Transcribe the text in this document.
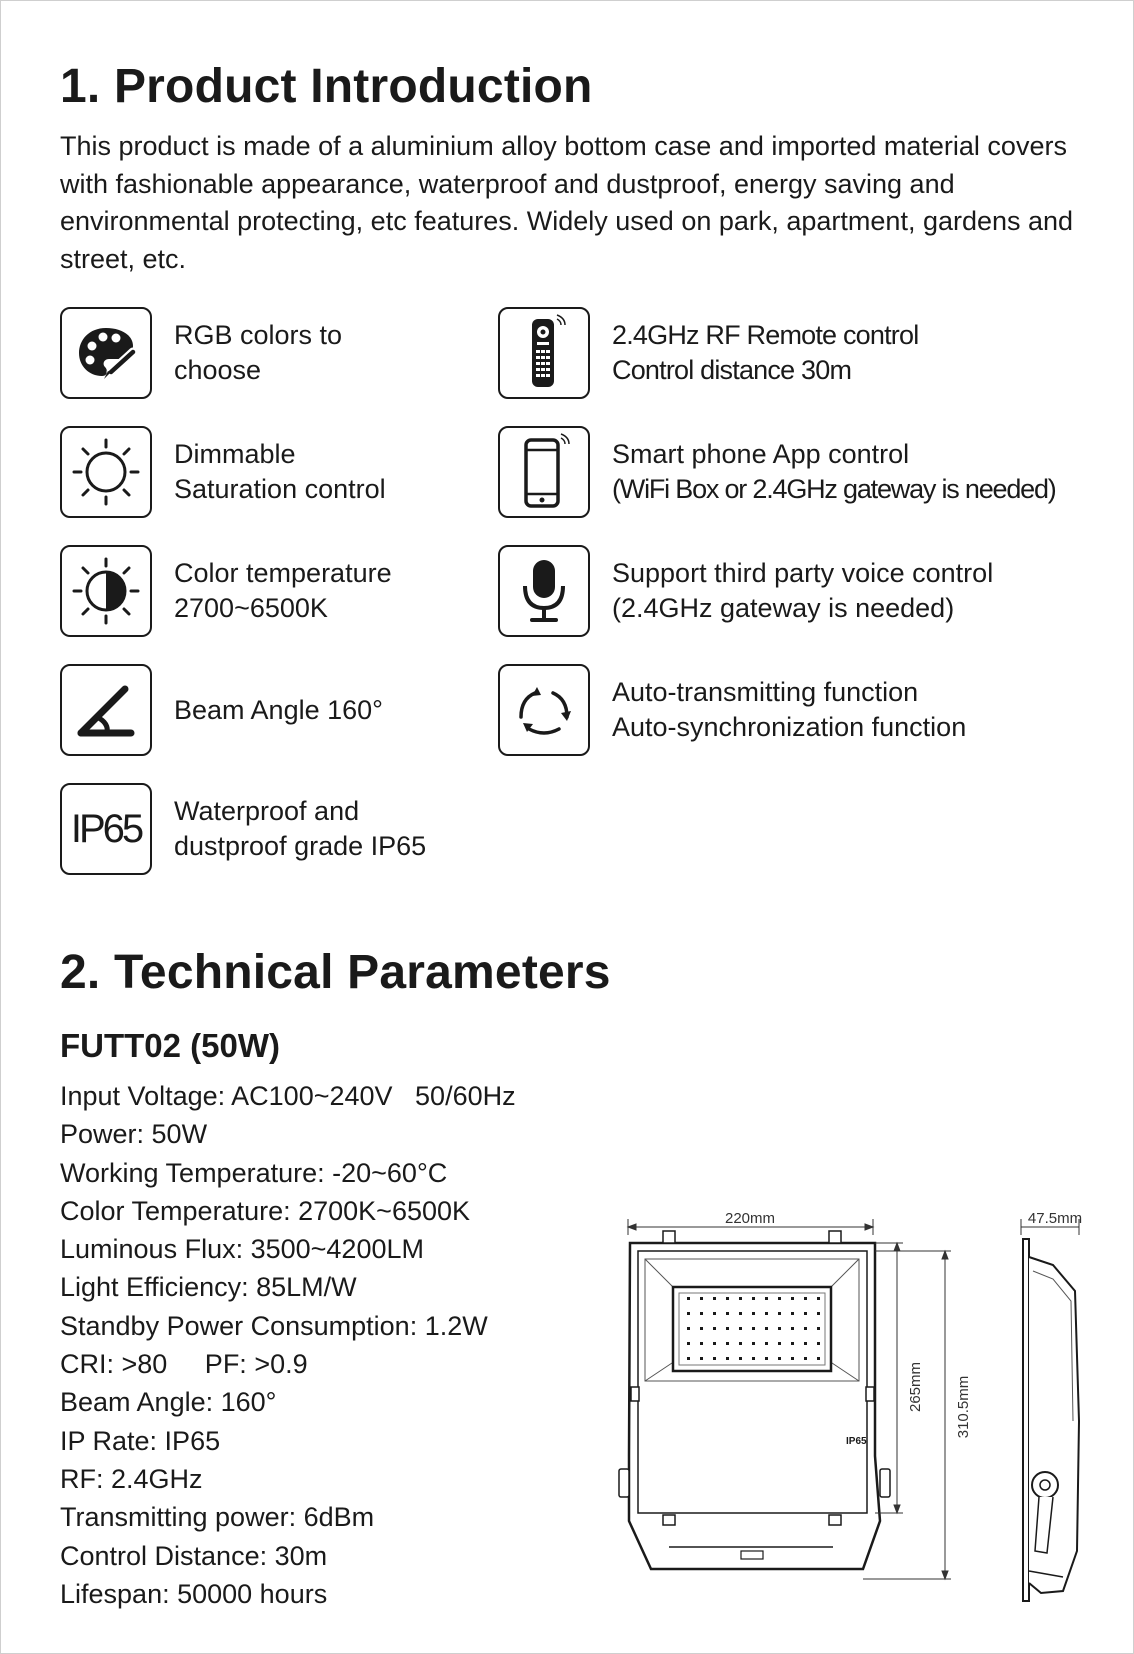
1. Product Introduction

This product is made of a aluminium alloy bottom case and imported material covers with fashionable appearance, waterproof and dustproof, energy saving and environmental protecting, etc features. Widely used on park, apartment, gardens and street, etc.

RGB colors to
choose
Dimmable
Saturation control
Color temperature
2700~6500K
Beam Angle 160°
IP65 Waterproof and
dustproof grade IP65
2.4GHz RF Remote control
Control distance 30m
Smart phone App control
(WiFi Box or 2.4GHz gateway is needed)
Support third party voice control
(2.4GHz gateway is needed)
Auto-transmitting function
Auto-synchronization function
2. Technical Parameters
FUTT02 (50W)
Input Voltage: AC100~240V   50/60Hz
Power: 50W
Working Temperature: -20~60°C
Color Temperature: 2700K~6500K
Luminous Flux: 3500~4200LM
Light Efficiency: 85LM/W
Standby Power Consumption: 1.2W
CRI: >80     PF: >0.9
Beam Angle: 160°
IP Rate: IP65
RF: 2.4GHz
Transmitting power: 6dBm
Control Distance: 30m
Lifespan: 50000 hours
220mm
IP65
265mm 310.5mm
47.5mm
